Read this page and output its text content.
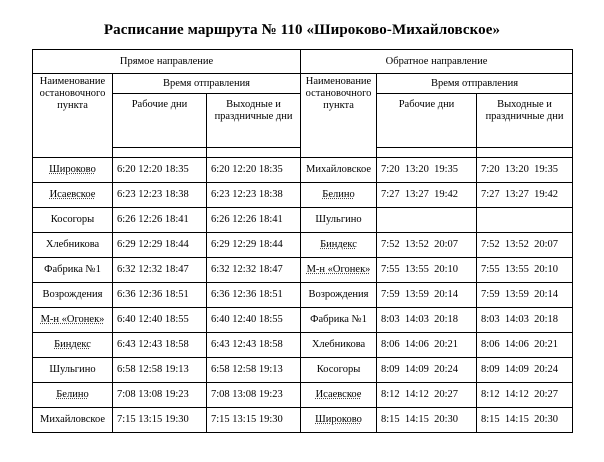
Расписание маршрута № 110 «Широково-Михайловское»
Прямое направление			Обратное направление		
Наименование остановочного пункта	Время отправления		Наименование остановочного пункта	Время отправления	
	Рабочие дни	Выходные и праздничные дни		Рабочие дни	Выходные и праздничные дни

Широково	6:20 12:20 18:35	6:20 12:20 18:35	Михайловское	7:20  13:20  19:35	7:20  13:20  19:35
Исаевское	6:23 12:23 18:38	6:23 12:23 18:38	Белино	7:27  13:27  19:42	7:27  13:27  19:42
Косогоры	6:26 12:26 18:41	6:26 12:26 18:41	Шульгино		
Хлебникова	6:29 12:29 18:44	6:29 12:29 18:44	Биндекс	7:52  13:52  20:07	7:52  13:52  20:07
Фабрика №1	6:32 12:32 18:47	6:32 12:32 18:47	М-н «Огонек»	7:55  13:55  20:10	7:55  13:55  20:10
Возрождения	6:36 12:36 18:51	6:36 12:36 18:51	Возрождения	7:59  13:59  20:14	7:59  13:59  20:14
М-н «Огонек»	6:40 12:40 18:55	6:40 12:40 18:55	Фабрика №1	8:03  14:03  20:18	8:03  14:03  20:18
Биндекс	6:43 12:43 18:58	6:43 12:43 18:58	Хлебникова	8:06  14:06  20:21	8:06  14:06  20:21
Шульгино	6:58 12:58 19:13	6:58 12:58 19:13	Косогоры	8:09  14:09  20:24	8:09  14:09  20:24
Белино	7:08 13:08 19:23	7:08 13:08 19:23	Исаевское	8:12  14:12  20:27	8:12  14:12  20:27
Михайловское	7:15 13:15 19:30	7:15 13:15 19:30	Широково	8:15  14:15  20:30	8:15  14:15  20:30
